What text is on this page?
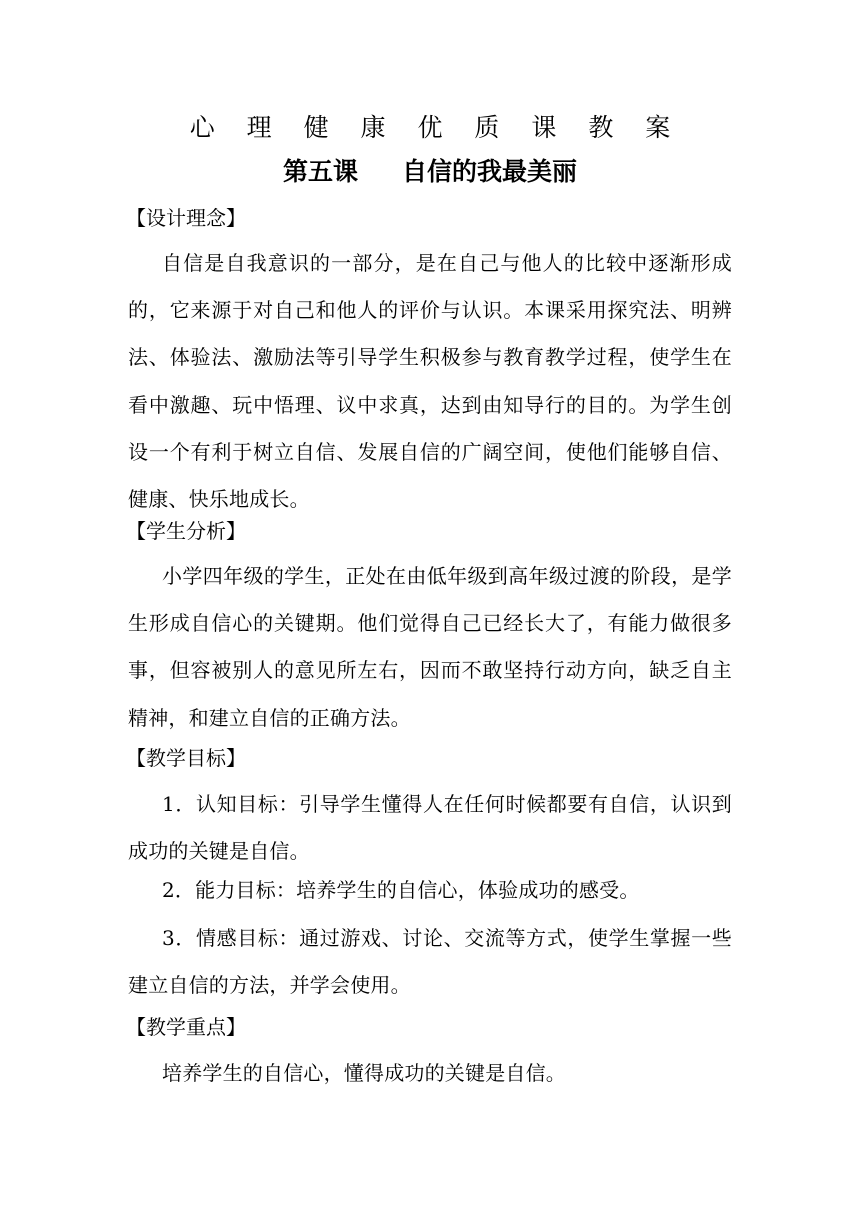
心 理 健 康 优 质 课 教 案
第五课 自信的我最美丽
【设计理念】
自信是自我意识的一部分，是在自己与他人的比较中逐渐形成的，它来源于对自己和他人的评价与认识。本课采用探究法、明辨法、体验法、激励法等引导学生积极参与教育教学过程，使学生在看中激趣、玩中悟理、议中求真，达到由知导行的目的。为学生创设一个有利于树立自信、发展自信的广阔空间，使他们能够自信、健康、快乐地成长。
【学生分析】
小学四年级的学生，正处在由低年级到高年级过渡的阶段，是学生形成自信心的关键期。他们觉得自己已经长大了，有能力做很多事，但容被别人的意见所左右，因而不敢坚持行动方向，缺乏自主精神，和建立自信的正确方法。
【教学目标】
1．认知目标：引导学生懂得人在任何时候都要有自信，认识到成功的关键是自信。
2．能力目标：培养学生的自信心，体验成功的感受。
3．情感目标：通过游戏、讨论、交流等方式，使学生掌握一些建立自信的方法，并学会使用。
【教学重点】
培养学生的自信心，懂得成功的关键是自信。
